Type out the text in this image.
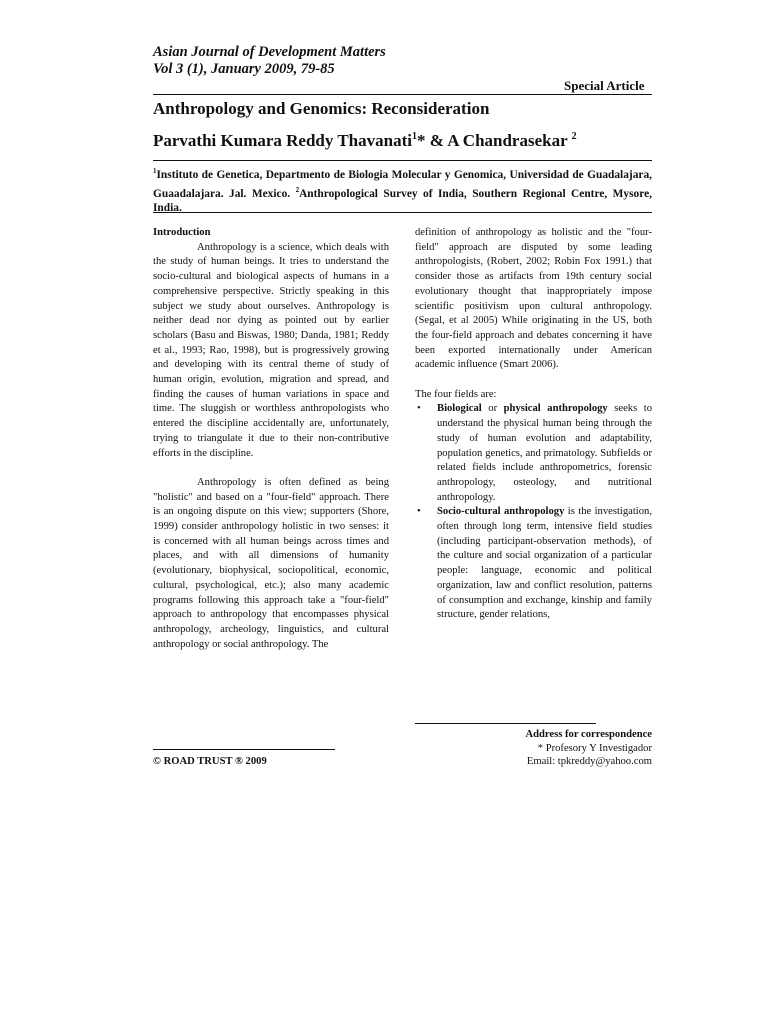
Asian Journal of Development Matters
Vol 3 (1), January 2009, 79-85
Special Article
Anthropology and Genomics: Reconsideration
Parvathi Kumara Reddy Thavanati$^1$* & A Chandrasekar $^2$
$^1$Instituto de Genetica, Departmento de Biologia Molecular y Genomica, Universidad de Guadalajara, Guaadalajara. Jal. Mexico. $^2$Anthropological Survey of India, Southern Regional Centre, Mysore, India.

Introduction

Anthropology is a science, which deals with the study of human beings. It tries to understand the socio-cultural and biological aspects of humans in a comprehensive perspective. Strictly speaking in this subject we study about ourselves. Anthropology is neither dead nor dying as pointed out by earlier scholars (Basu and Biswas, 1980; Danda, 1981; Reddy et al., 1993; Rao, 1998), but is progressively growing and developing with its central theme of study of human origin, evolution, migration and spread, and finding the causes of human variations in space and time. The sluggish or worthless anthropologists who entered the discipline accidentally are, unfortunately, trying to triangulate it due to their non-contributive efforts in the discipline.

Anthropology is often defined as being "holistic" and based on a "four-field" approach. There is an ongoing dispute on this view; supporters (Shore, 1999) consider anthropology holistic in two senses: it is concerned with all human beings across times and places, and with all dimensions of humanity (evolutionary, biophysical, sociopolitical, economic, cultural, psychological, etc.); also many academic programs following this approach take a "four-field" approach to anthropology that encompasses physical anthropology, archeology, linguistics, and cultural anthropology or social anthropology. The

definition of anthropology as holistic and the "four-field" approach are disputed by some leading anthropologists, (Robert, 2002; Robin Fox 1991.) that consider those as artifacts from 19th century social evolutionary thought that inappropriately impose scientific positivism upon cultural anthropology. (Segal, et al 2005) While originating in the US, both the four-field approach and debates concerning it have been exported internationally under American academic influence (Smart 2006).

The four fields are:

• Biological or physical anthropology seeks to understand the physical human being through the study of human evolution and adaptability, population genetics, and primatology. Subfields or related fields include anthropometrics, forensic anthropology, osteology, and nutritional anthropology.
• Socio-cultural anthropology is the investigation, often through long term, intensive field studies (including participant-observation methods), of the culture and social organization of a particular people: language, economic and political organization, law and conflict resolution, patterns of consumption and exchange, kinship and family structure, gender relations,
© ROAD TRUST ® 2009
Address for correspondence
* Profesory Y Investigador
Email: tpkreddy@yahoo.com
